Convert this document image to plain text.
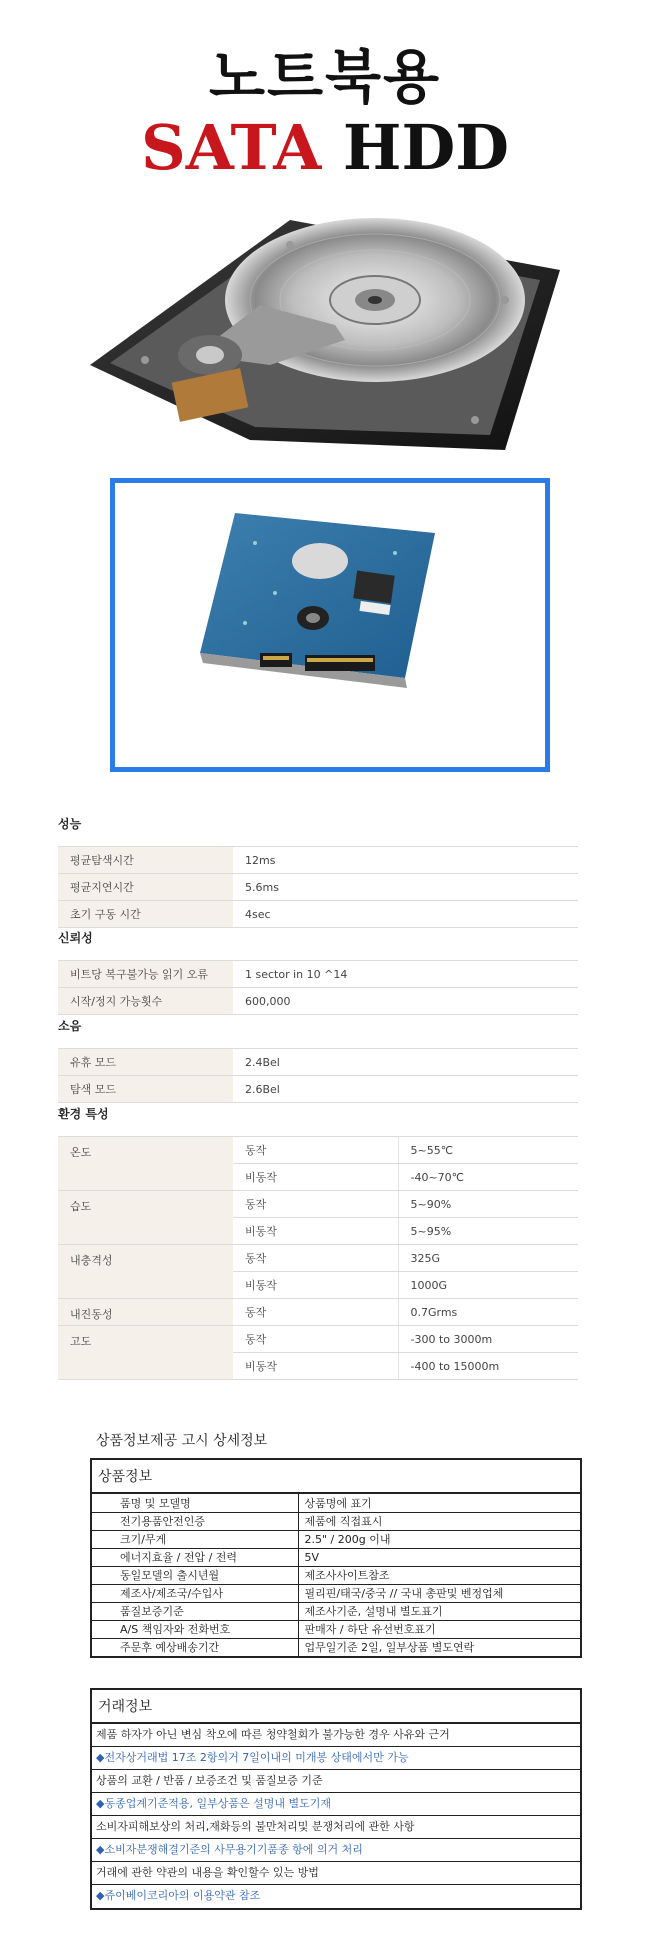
노트북용
SATA HDD
성능
평균탐색시간	12ms
평균지연시간	5.6ms
초기 구동 시간	4sec
신뢰성
비트당 복구불가능 읽기 오류	1 sector in 10 ^14
시작/정지 가능횟수	600,000
소음
유휴 모드	2.4Bel
탐색 모드	2.6Bel
환경 특성
온도	동작	5~55℃
	비동작	-40~70℃
습도	동작	5~90%
	비동작	5~95%
내충격성	동작	325G
	비동작	1000G
내진동성	동작	0.7Grms
고도	동작	-300 to 3000m
	비동작	-400 to 15000m
상품정보제공 고시 상세정보
상품정보
품명 및 모델명	상품명에 표기
전기용품안전인증	제품에 직접표시
크기/무게	2.5" / 200g 이내
에너지효율 / 전압 / 전력	5V
동일모델의 출시년월	제조사사이트참조
제조사/제조국/수입사	필리핀/태국/중국 // 국내 총판및 벤정업체
품질보증기준	제조사기준, 설명내 별도표기
A/S 책임자와 전화번호	판매자 / 하단 유선번호표기
주문후 예상배송기간	업무일기준 2일, 일부상품 별도연락
거래정보
제품 하자가 아닌 변심 착오에 따른 청약철회가 불가능한 경우 사유와 근거
◆전자상거래법 17조 2항의거 7일이내의 미개봉 상태에서만 가능
상품의 교환 / 반품 / 보증조건 및 품질보증 기준
◆동종업계기준적용, 일부상품은 설명내 별도기재
소비자피해보상의 처리,재화등의 불만처리및 분쟁처리에 관한 사항
◆소비자분쟁해결기준의 사무용기기품종 항에 의거 처리
거래에 관한 약관의 내용을 확인할수 있는 방법
◆쥬이베이코리아의 이용약관 참조
